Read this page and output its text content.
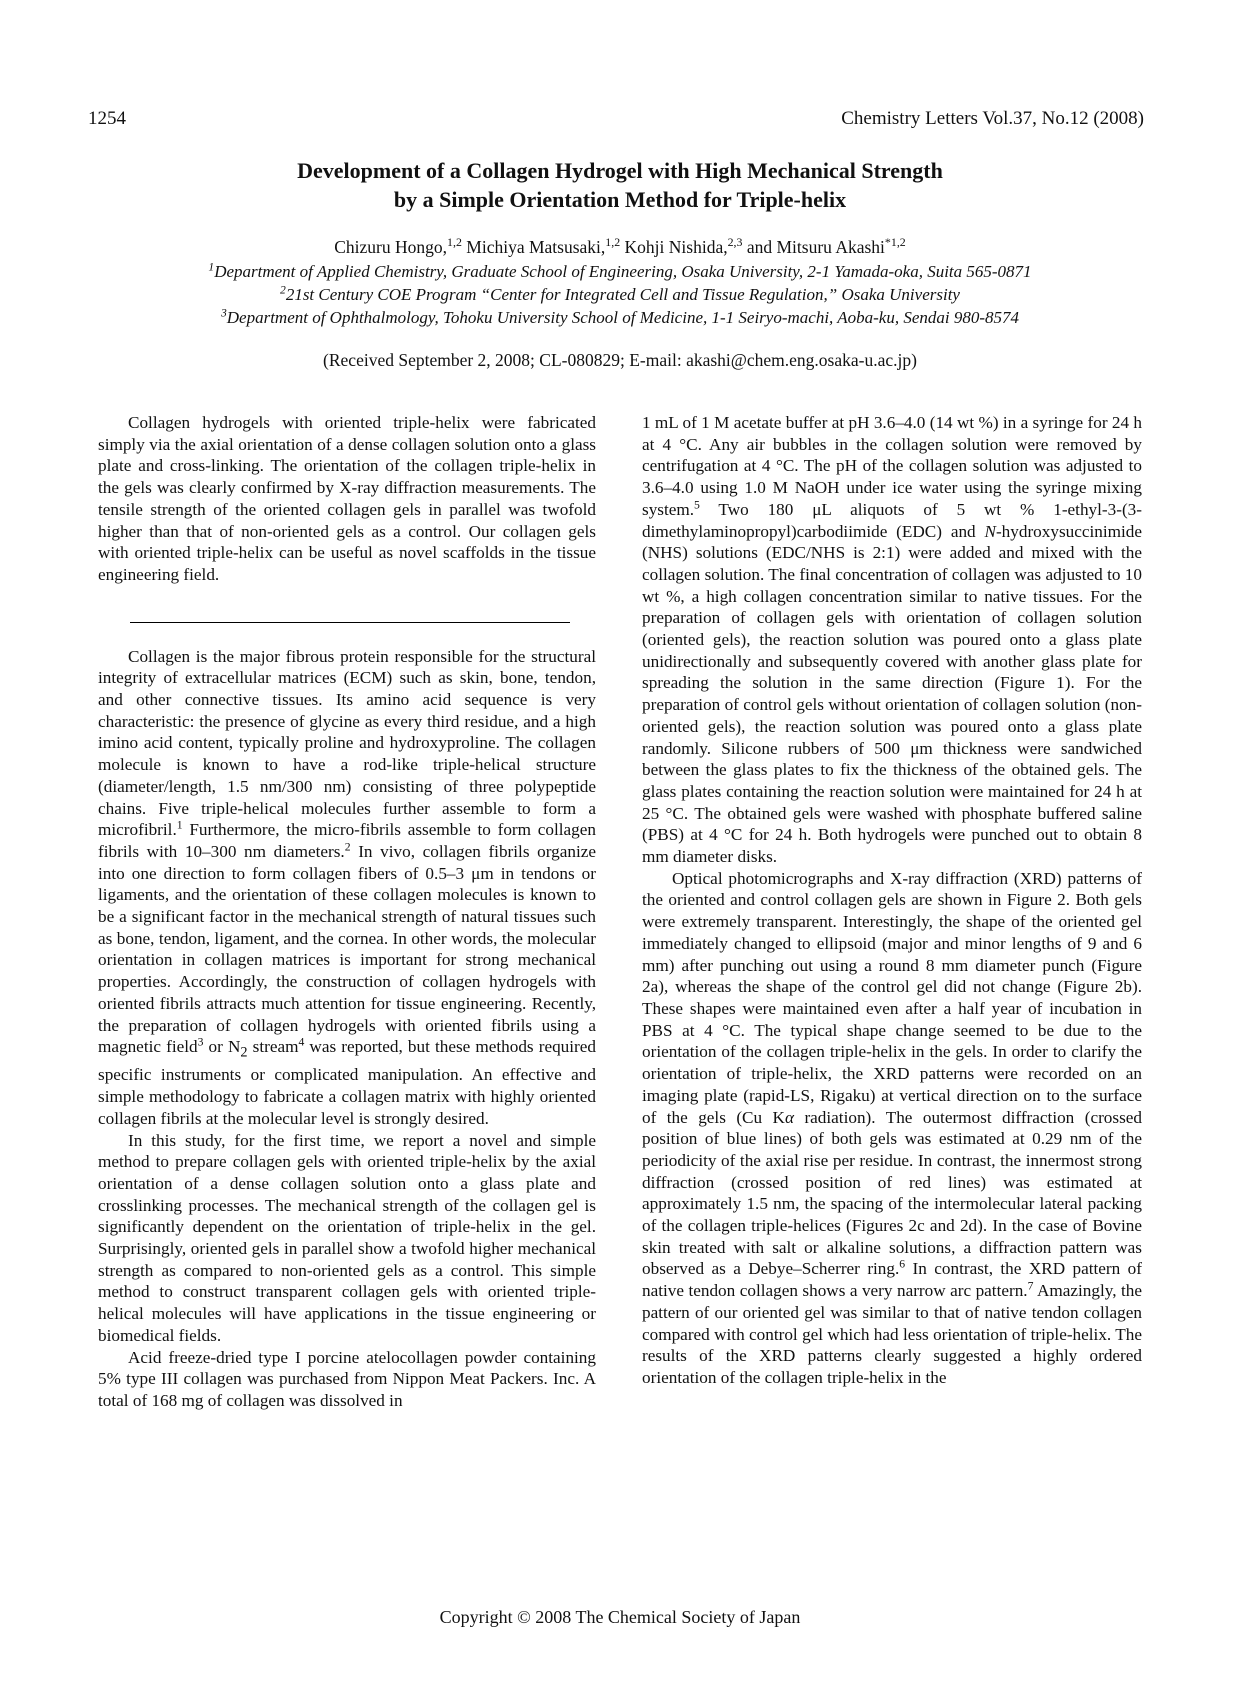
1254	Chemistry Letters Vol.37, No.12 (2008)
Development of a Collagen Hydrogel with High Mechanical Strength
by a Simple Orientation Method for Triple-helix
Chizuru Hongo,$^{1,2}$ Michiya Matsusaki,$^{1,2}$ Kohji Nishida,$^{2,3}$ and Mitsuru Akashi$^{*1,2}$
$^1$Department of Applied Chemistry, Graduate School of Engineering, Osaka University, 2-1 Yamada-oka, Suita 565-0871
$^2$21st Century COE Program “Center for Integrated Cell and Tissue Regulation,” Osaka University
$^3$Department of Ophthalmology, Tohoku University School of Medicine, 1-1 Seiryo-machi, Aoba-ku, Sendai 980-8574
(Received September 2, 2008; CL-080829; E-mail: akashi@chem.eng.osaka-u.ac.jp)

Collagen hydrogels with oriented triple-helix were fabricated simply via the axial orientation of a dense collagen solution onto a glass plate and cross-linking. The orientation of the collagen triple-helix in the gels was clearly confirmed by X-ray diffraction measurements. The tensile strength of the oriented collagen gels in parallel was twofold higher than that of non-oriented gels as a control. Our collagen gels with oriented triple-helix can be useful as novel scaffolds in the tissue engineering field.

Collagen is the major fibrous protein responsible for the structural integrity of extracellular matrices (ECM) such as skin, bone, tendon, and other connective tissues. Its amino acid sequence is very characteristic: the presence of glycine as every third residue, and a high imino acid content, typically proline and hydroxyproline. The collagen molecule is known to have a rod-like triple-helical structure (diameter/length, 1.5 nm/300 nm) consisting of three polypeptide chains. Five triple-helical molecules further assemble to form a microfibril.$^1$ Furthermore, the micro-fibrils assemble to form collagen fibrils with 10–300 nm diameters.$^2$ In vivo, collagen fibrils organize into one direction to form collagen fibers of 0.5–3 μm in tendons or ligaments, and the orientation of these collagen molecules is known to be a significant factor in the mechanical strength of natural tissues such as bone, tendon, ligament, and the cornea. In other words, the molecular orientation in collagen matrices is important for strong mechanical properties. Accordingly, the construction of collagen hydrogels with oriented fibrils attracts much attention for tissue engineering. Recently, the preparation of collagen hydrogels with oriented fibrils using a magnetic field$^3$ or $N_2$ stream$^4$ was reported, but these methods required specific instruments or complicated manipulation. An effective and simple methodology to fabricate a collagen matrix with highly oriented collagen fibrils at the molecular level is strongly desired.

In this study, for the first time, we report a novel and simple method to prepare collagen gels with oriented triple-helix by the axial orientation of a dense collagen solution onto a glass plate and crosslinking processes. The mechanical strength of the collagen gel is significantly dependent on the orientation of triple-helix in the gel. Surprisingly, oriented gels in parallel show a twofold higher mechanical strength as compared to non-oriented gels as a control. This simple method to construct transparent collagen gels with oriented triple-helical molecules will have applications in the tissue engineering or biomedical fields.

Acid freeze-dried type I porcine atelocollagen powder containing 5% type III collagen was purchased from Nippon Meat Packers. Inc. A total of 168 mg of collagen was dissolved in

1 mL of 1 M acetate buffer at pH 3.6–4.0 (14 wt %) in a syringe for 24 h at 4 °C. Any air bubbles in the collagen solution were removed by centrifugation at 4 °C. The pH of the collagen solution was adjusted to 3.6–4.0 using 1.0 M NaOH under ice water using the syringe mixing system.$^5$ Two 180 μL aliquots of 5 wt % 1-ethyl-3-(3-dimethylaminopropyl)carbodiimide (EDC) and N-hydroxysuccinimide (NHS) solutions (EDC/NHS is 2:1) were added and mixed with the collagen solution. The final concentration of collagen was adjusted to 10 wt %, a high collagen concentration similar to native tissues. For the preparation of collagen gels with orientation of collagen solution (oriented gels), the reaction solution was poured onto a glass plate unidirectionally and subsequently covered with another glass plate for spreading the solution in the same direction (Figure 1). For the preparation of control gels without orientation of collagen solution (non-oriented gels), the reaction solution was poured onto a glass plate randomly. Silicone rubbers of 500 μm thickness were sandwiched between the glass plates to fix the thickness of the obtained gels. The glass plates containing the reaction solution were maintained for 24 h at 25 °C. The obtained gels were washed with phosphate buffered saline (PBS) at 4 °C for 24 h. Both hydrogels were punched out to obtain 8 mm diameter disks.

Optical photomicrographs and X-ray diffraction (XRD) patterns of the oriented and control collagen gels are shown in Figure 2. Both gels were extremely transparent. Interestingly, the shape of the oriented gel immediately changed to ellipsoid (major and minor lengths of 9 and 6 mm) after punching out using a round 8 mm diameter punch (Figure 2a), whereas the shape of the control gel did not change (Figure 2b). These shapes were maintained even after a half year of incubation in PBS at 4 °C. The typical shape change seemed to be due to the orientation of the collagen triple-helix in the gels. In order to clarify the orientation of triple-helix, the XRD patterns were recorded on an imaging plate (rapid-LS, Rigaku) at vertical direction on to the surface of the gels (Cu Kα radiation). The outermost diffraction (crossed position of blue lines) of both gels was estimated at 0.29 nm of the periodicity of the axial rise per residue. In contrast, the innermost strong diffraction (crossed position of red lines) was estimated at approximately 1.5 nm, the spacing of the intermolecular lateral packing of the collagen triple-helices (Figures 2c and 2d). In the case of Bovine skin treated with salt or alkaline solutions, a diffraction pattern was observed as a Debye–Scherrer ring.$^6$ In contrast, the XRD pattern of native tendon collagen shows a very narrow arc pattern.$^7$ Amazingly, the pattern of our oriented gel was similar to that of native tendon collagen compared with control gel which had less orientation of triple-helix. The results of the XRD patterns clearly suggested a highly ordered orientation of the collagen triple-helix in the

Copyright © 2008 The Chemical Society of Japan
